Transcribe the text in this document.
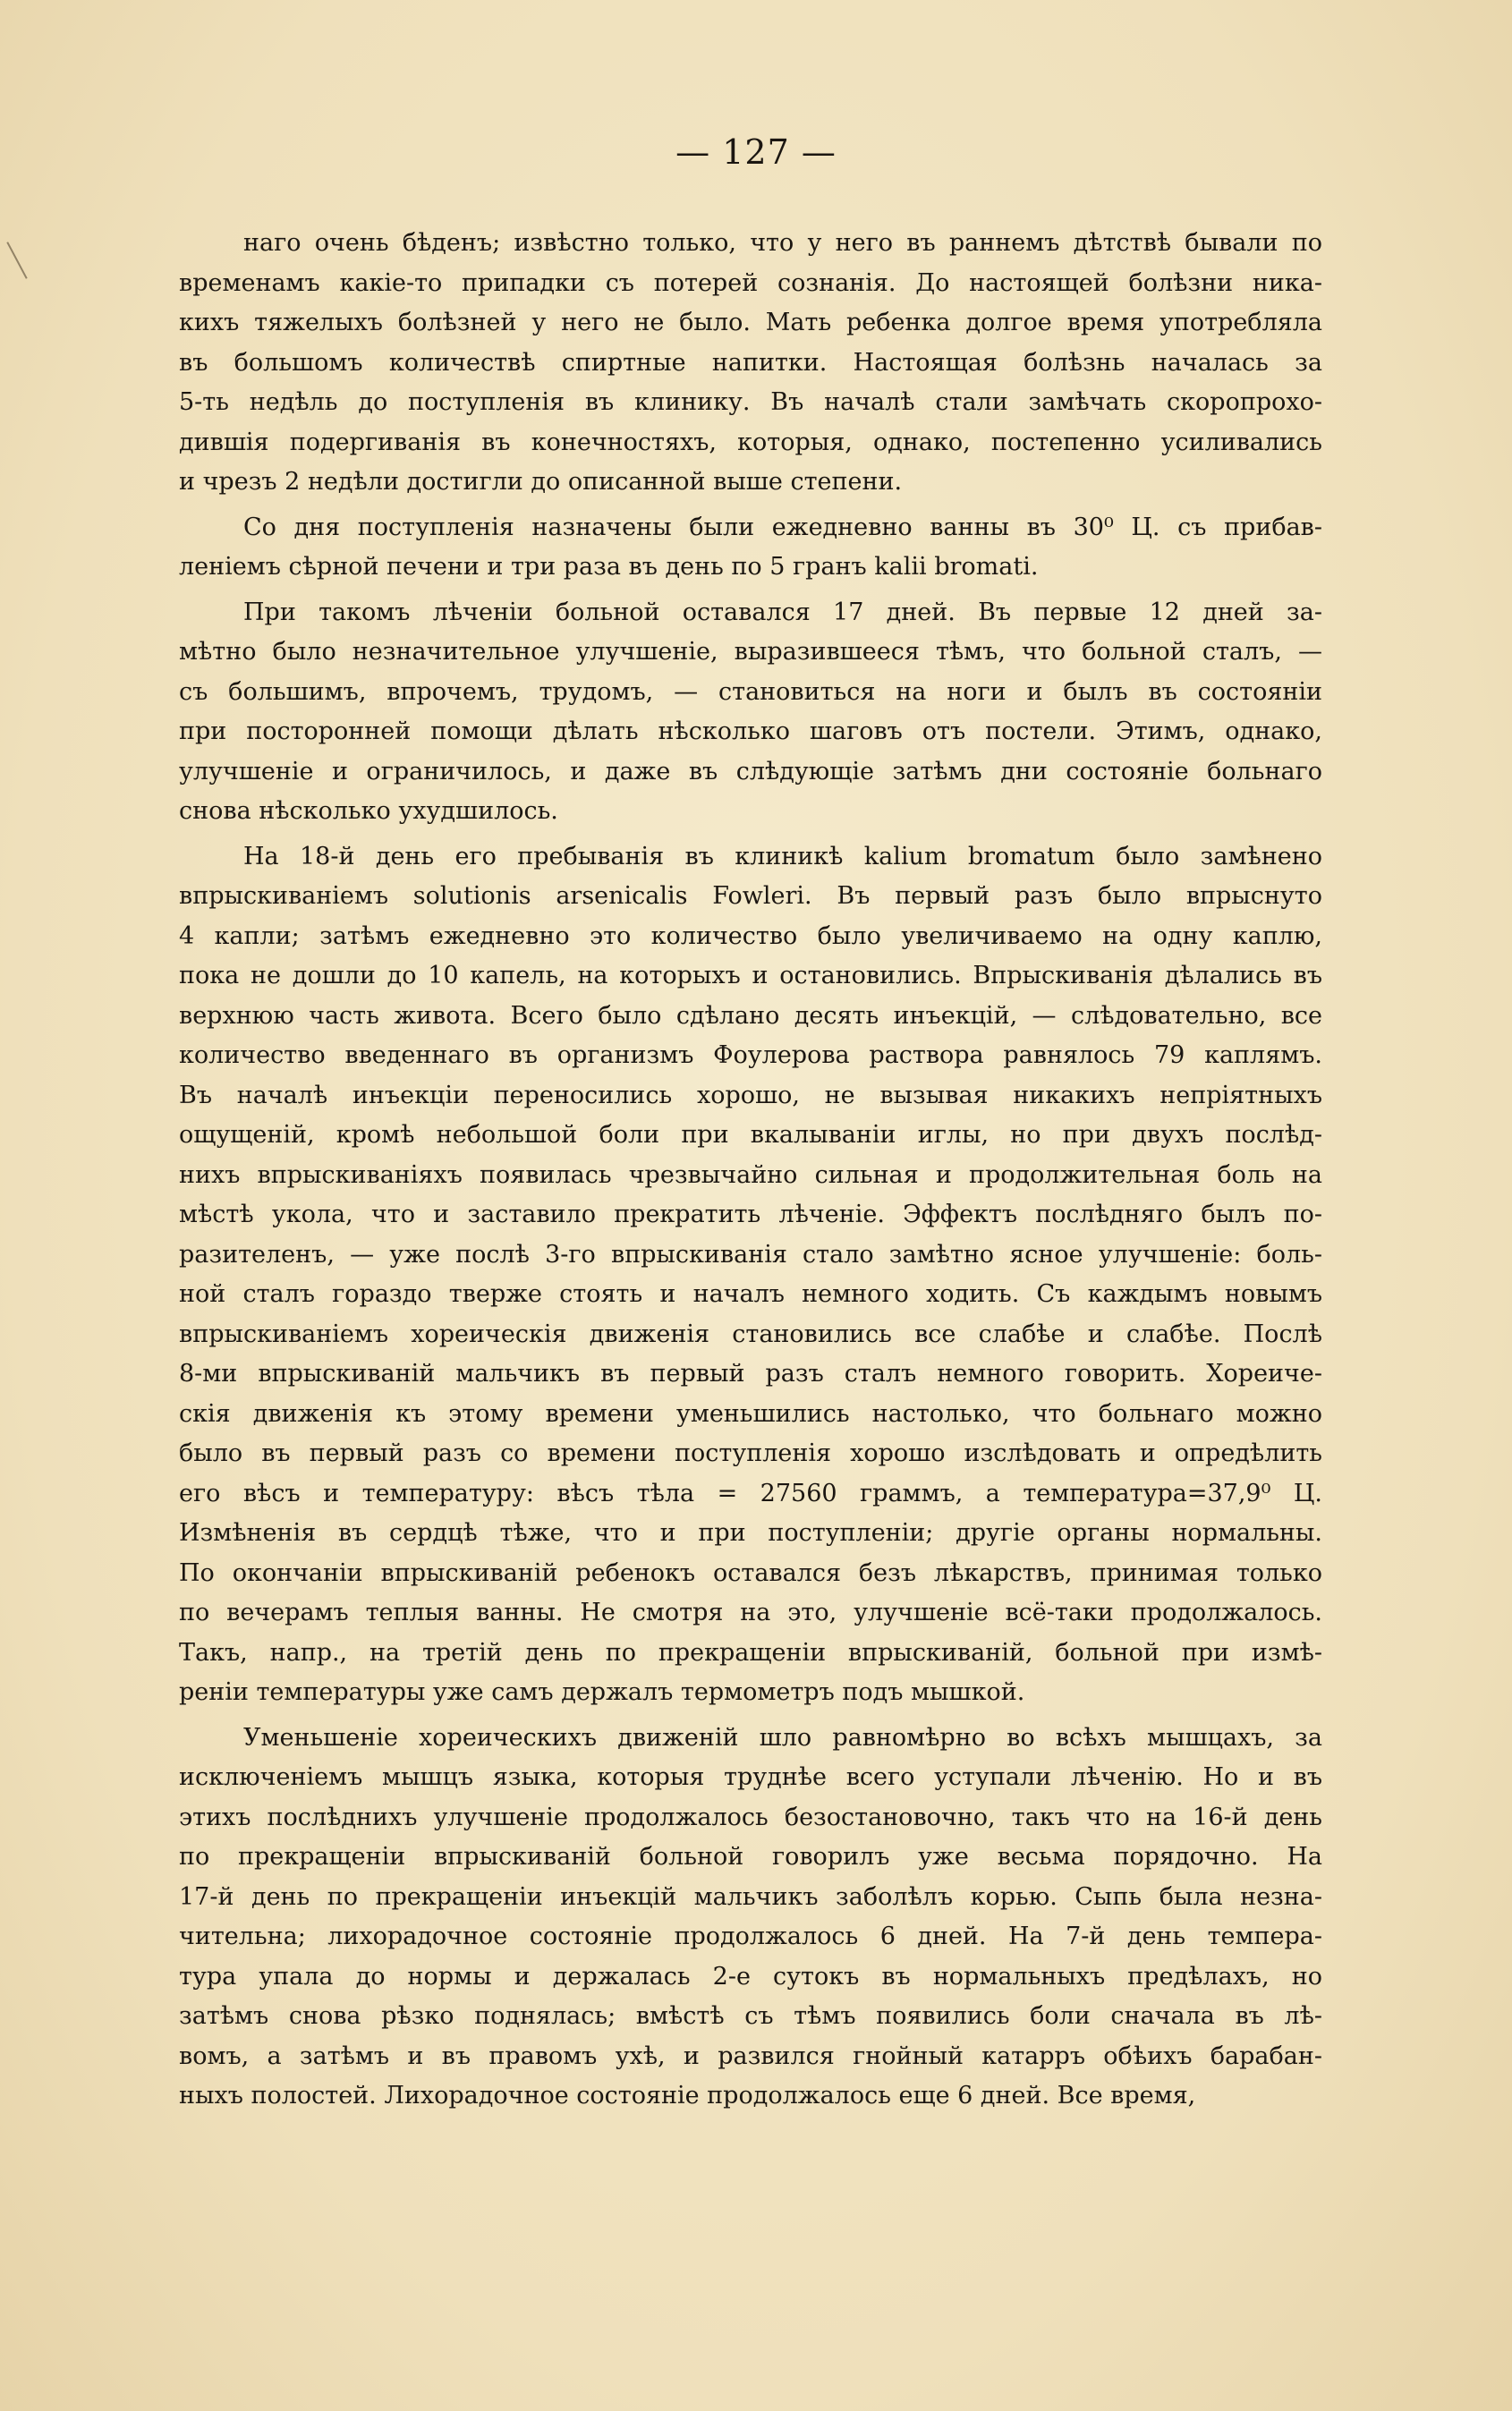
— 127 —
наго очень бѣденъ; извѣстно только, что у него въ раннемъ дѣтствѣ бывали по
временамъ какіе-то припадки съ потерей сознанія. До настоящей болѣзни ника-
кихъ тяжелыхъ болѣзней у него не было. Мать ребенка долгое время употребляла
въ большомъ количествѣ спиртные напитки. Настоящая болѣзнь началась за
5-ть недѣль до поступленія въ клинику. Въ началѣ стали замѣчать скоропрохо-
дившія подергиванія въ конечностяхъ, которыя, однако, постепенно усиливались
и чрезъ 2 недѣли достигли до описанной выше степени.
Со дня поступленія назначены были ежедневно ванны въ 30⁰ Ц. съ прибав-
леніемъ сѣрной печени и три раза въ день по 5 гранъ kalii bromati.
При такомъ лѣченіи больной оставался 17 дней. Въ первые 12 дней за-
мѣтно было незначительное улучшеніе, выразившееся тѣмъ, что больной сталъ, —
съ большимъ, впрочемъ, трудомъ, — становиться на ноги и былъ въ состояніи
при посторонней помощи дѣлать нѣсколько шаговъ отъ постели. Этимъ, однако,
улучшеніе и ограничилось, и даже въ слѣдующіе затѣмъ дни состояніе больнаго
снова нѣсколько ухудшилось.
На 18-й день его пребыванія въ клиникѣ kalium bromatum было замѣнено
впрыскиваніемъ solutionis arsenicalis Fowleri. Въ первый разъ было впрыснуто
4 капли; затѣмъ ежедневно это количество было увеличиваемо на одну каплю,
пока не дошли до 10 капель, на которыхъ и остановились. Впрыскиванія дѣлались въ
верхнюю часть живота. Всего было сдѣлано десять инъекцій, — слѣдовательно, все
количество введеннаго въ организмъ Фоулерова раствора равнялось 79 каплямъ.
Въ началѣ инъекціи переносились хорошо, не вызывая никакихъ непріятныхъ
ощущеній, кромѣ небольшой боли при вкалываніи иглы, но при двухъ послѣд-
нихъ впрыскиваніяхъ появилась чрезвычайно сильная и продолжительная боль на
мѣстѣ укола, что и заставило прекратить лѣченіе. Эффектъ послѣдняго былъ по-
разителенъ, — уже послѣ 3-го впрыскиванія стало замѣтно ясное улучшеніе: боль-
ной сталъ гораздо тверже стоять и началъ немного ходить. Съ каждымъ новымъ
впрыскиваніемъ хореическія движенія становились все слабѣе и слабѣе. Послѣ
8-ми впрыскиваній мальчикъ въ первый разъ сталъ немного говорить. Хореиче-
скія движенія къ этому времени уменьшились настолько, что больнаго можно
было въ первый разъ со времени поступленія хорошо изслѣдовать и опредѣлить
его вѣсъ и температуру: вѣсъ тѣла = 27560 граммъ, а температура=37,9⁰ Ц.
Измѣненія въ сердцѣ тѣже, что и при поступленіи; другіе органы нормальны.
По окончаніи впрыскиваній ребенокъ оставался безъ лѣкарствъ, принимая только
по вечерамъ теплыя ванны. Не смотря на это, улучшеніе всё-таки продолжалось.
Такъ, напр., на третій день по прекращеніи впрыскиваній, больной при измѣ-
реніи температуры уже самъ держалъ термометръ подъ мышкой.
Уменьшеніе хореическихъ движеній шло равномѣрно во всѣхъ мышцахъ, за
исключеніемъ мышцъ языка, которыя труднѣе всего уступали лѣченію. Но и въ
этихъ послѣднихъ улучшеніе продолжалось безостановочно, такъ что на 16-й день
по прекращеніи впрыскиваній больной говорилъ уже весьма порядочно. На
17-й день по прекращеніи инъекцій мальчикъ заболѣлъ корью. Сыпь была незна-
чительна; лихорадочное состояніе продолжалось 6 дней. На 7-й день темпера-
тура упала до нормы и держалась 2-е сутокъ въ нормальныхъ предѣлахъ, но
затѣмъ снова рѣзко поднялась; вмѣстѣ съ тѣмъ появились боли сначала въ лѣ-
вомъ, а затѣмъ и въ правомъ ухѣ, и развился гнойный катарръ обѣихъ барабан-
ныхъ полостей. Лихорадочное состояніе продолжалось еще 6 дней. Все время,
